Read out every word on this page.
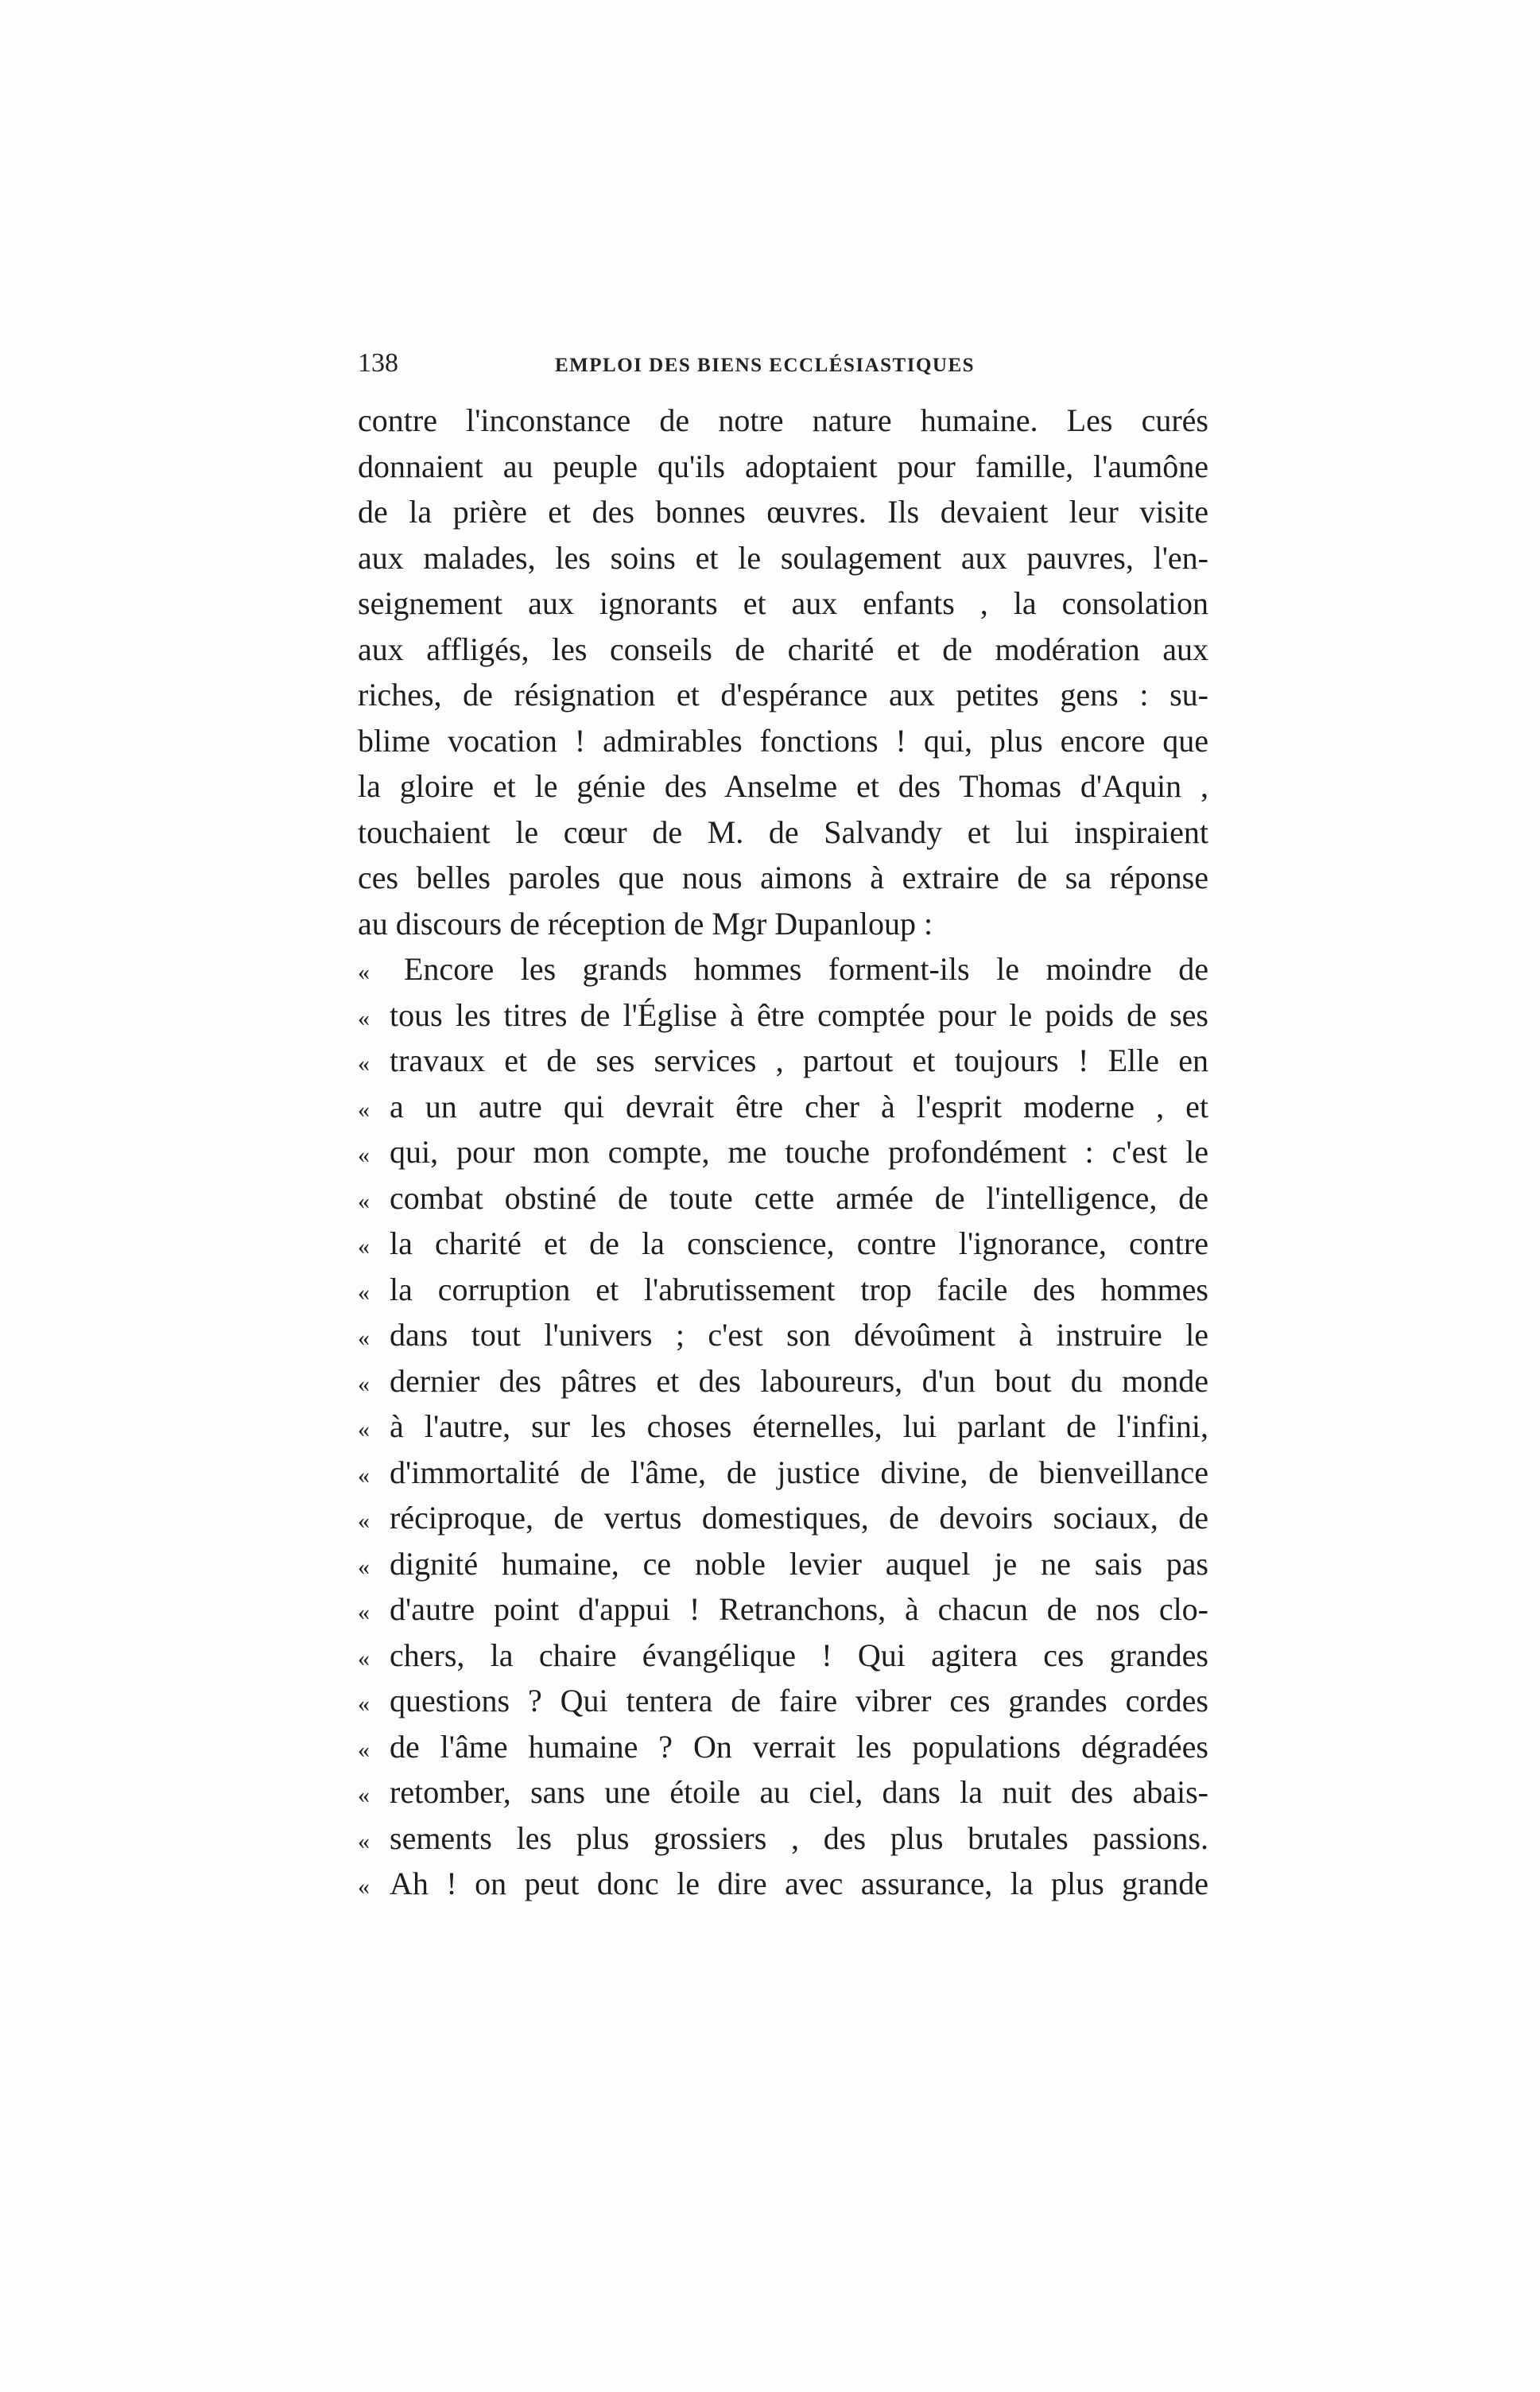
138	EMPLOI DES BIENS ECCLÉSIASTIQUES
contre l'inconstance de notre nature humaine. Les curés
donnaient au peuple qu'ils adoptaient pour famille, l'aumône
de la prière et des bonnes œuvres. Ils devaient leur visite
aux malades, les soins et le soulagement aux pauvres, l'en-
seignement aux ignorants et aux enfants , la consolation
aux affligés, les conseils de charité et de modération aux
riches, de résignation et d'espérance aux petites gens : su-
blime vocation ! admirables fonctions ! qui, plus encore que
la gloire et le génie des Anselme et des Thomas d'Aquin ,
touchaient le cœur de M. de Salvandy et lui inspiraient
ces belles paroles que nous aimons à extraire de sa réponse
au discours de réception de Mgr Dupanloup :
«	Encore les grands hommes forment-ils le moindre de
« tous les titres de l'Église à être comptée pour le poids de ses
« travaux et de ses services , partout et toujours ! Elle en
« a un autre qui devrait être cher à l'esprit moderne , et
« qui, pour mon compte, me touche profondément : c'est le
« combat obstiné de toute cette armée de l'intelligence, de
« la charité et de la conscience, contre l'ignorance, contre
« la corruption et l'abrutissement trop facile des hommes
« dans tout l'univers ; c'est son dévoûment à instruire le
« dernier des pâtres et des laboureurs, d'un bout du monde
« à l'autre, sur les choses éternelles, lui parlant de l'infini,
« d'immortalité de l'âme, de justice divine, de bienveillance
« réciproque, de vertus domestiques, de devoirs sociaux, de
« dignité humaine, ce noble levier auquel je ne sais pas
« d'autre point d'appui ! Retranchons, à chacun de nos clo-
« chers, la chaire évangélique ! Qui agitera ces grandes
« questions ? Qui tentera de faire vibrer ces grandes cordes
« de l'âme humaine ? On verrait les populations dégradées
« retomber, sans une étoile au ciel, dans la nuit des abais-
« sements les plus grossiers , des plus brutales passions.
« Ah ! on peut donc le dire avec assurance, la plus grande
